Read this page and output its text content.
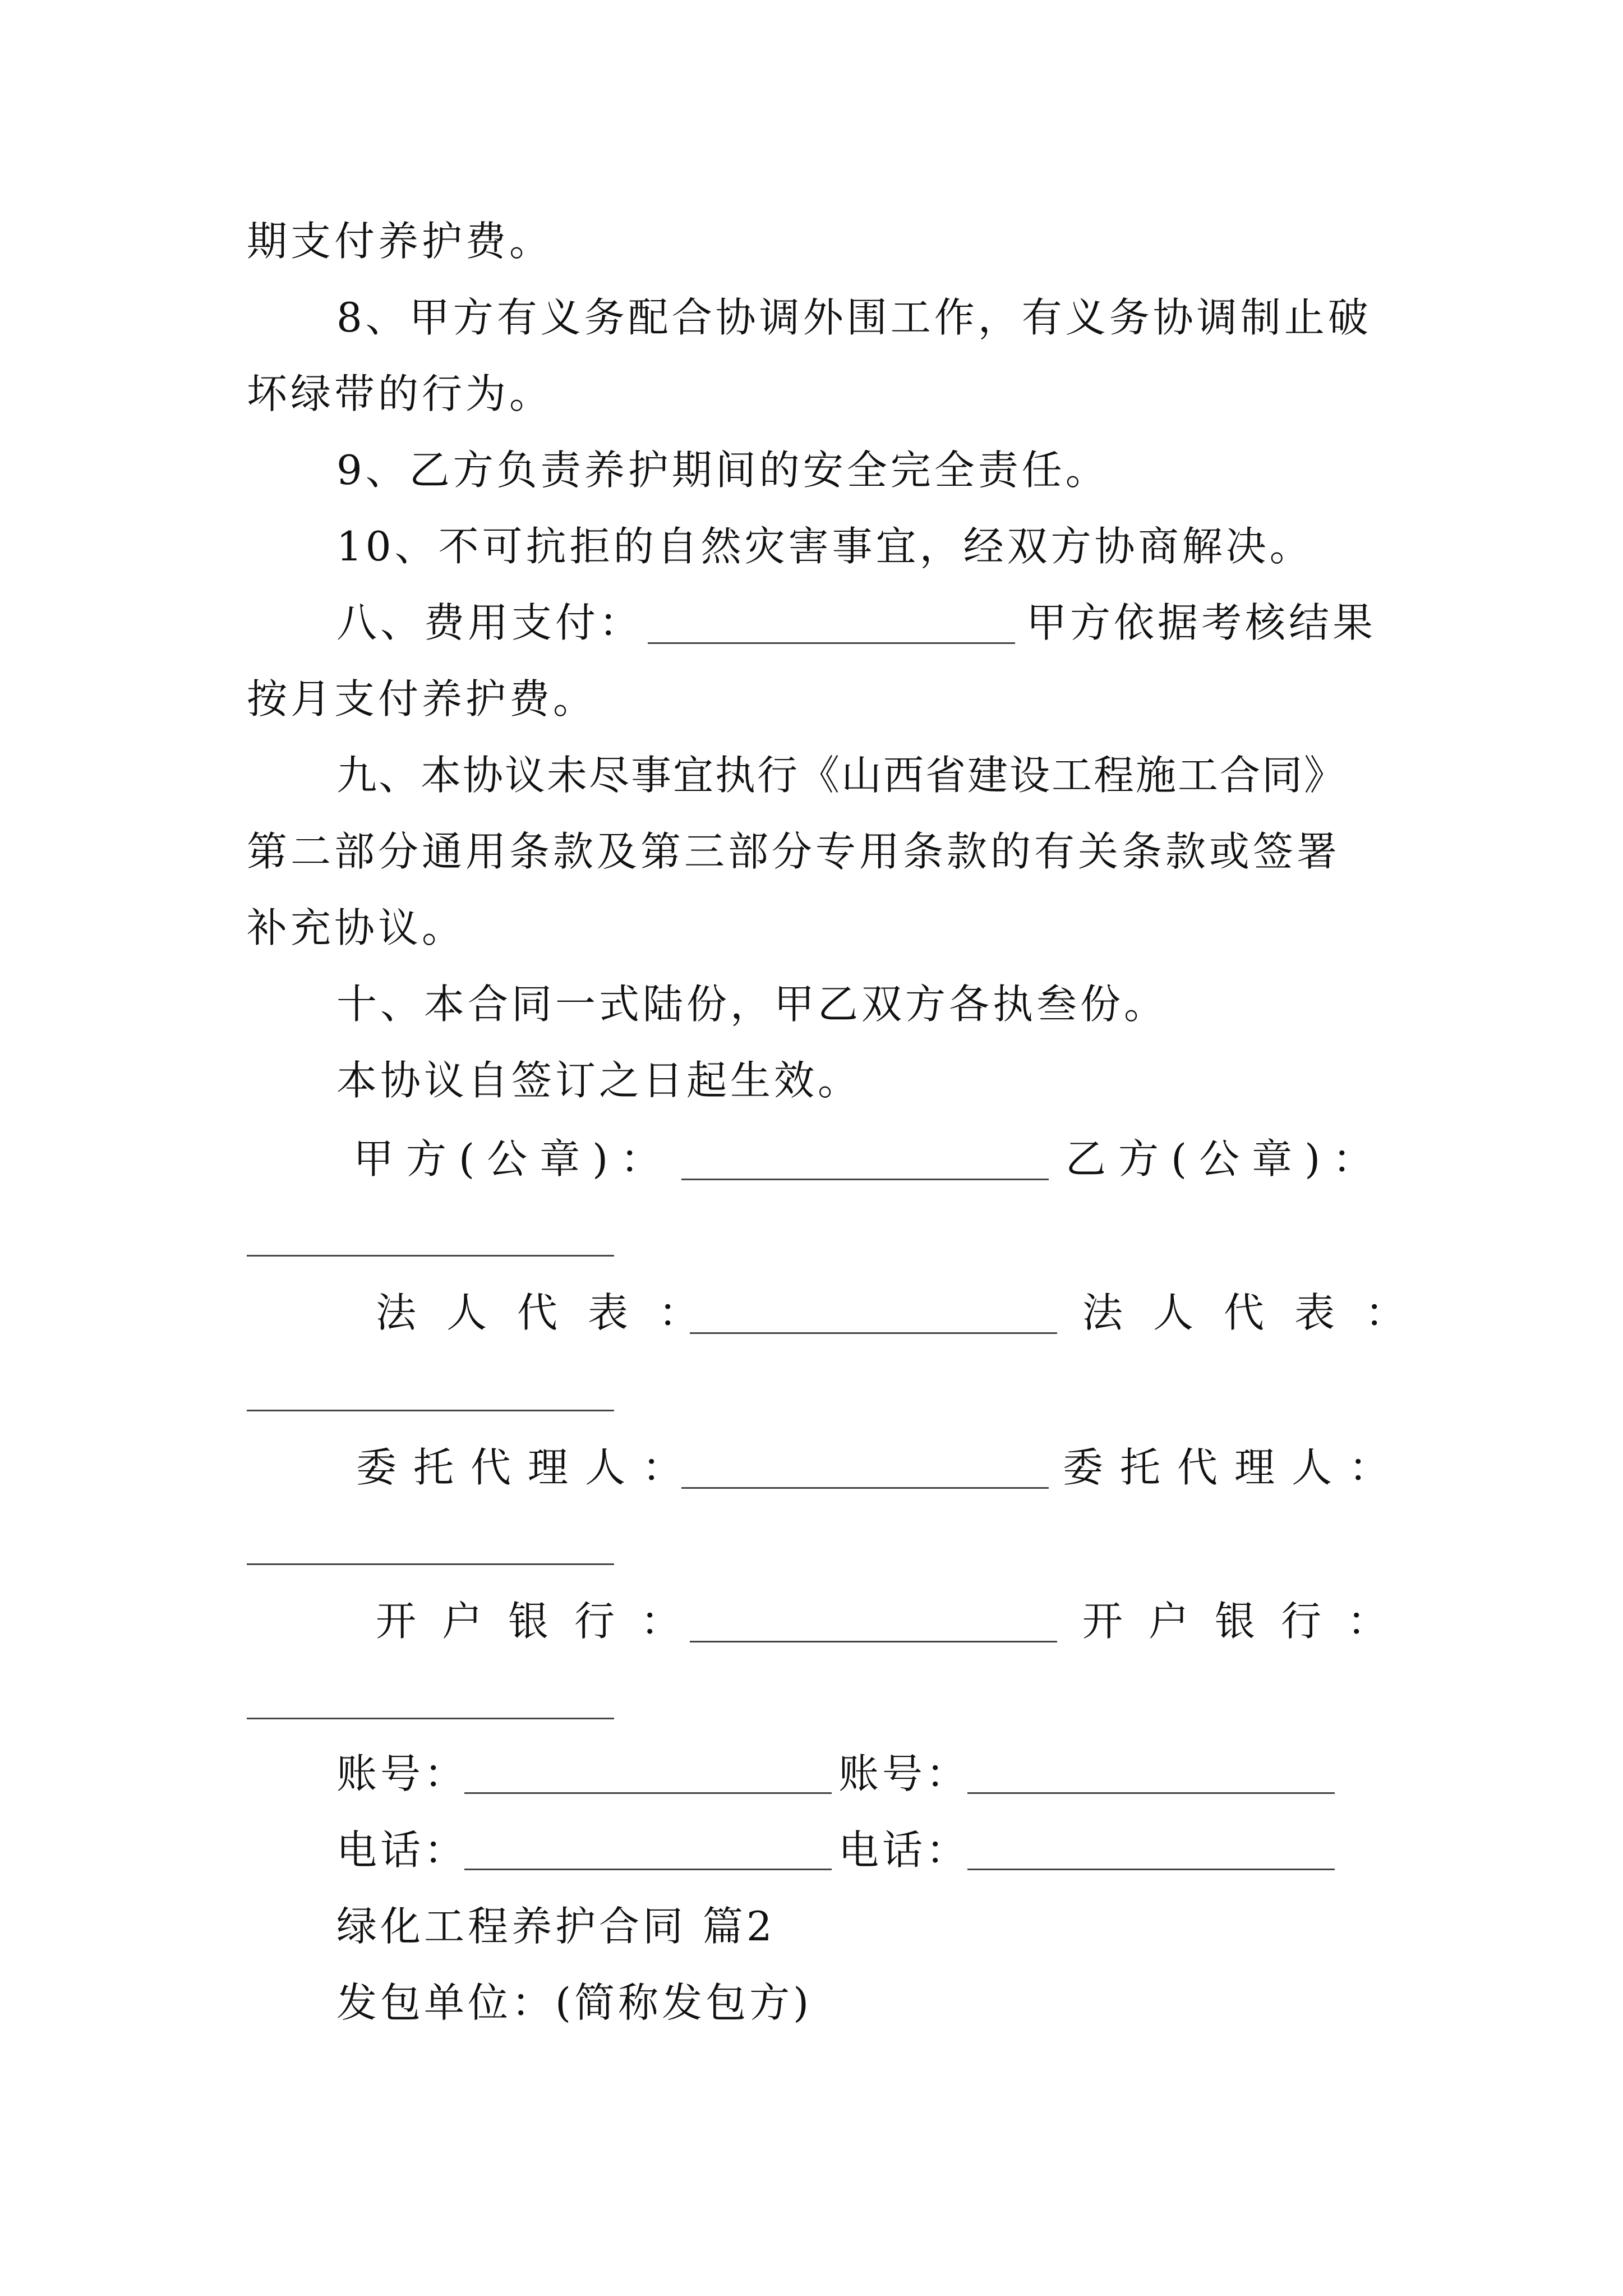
期支付养护费。
8、甲方有义务配合协调外围工作，有义务协调制止破
坏绿带的行为。
9、乙方负责养护期间的安全完全责任。
10、不可抗拒的自然灾害事宜，经双方协商解决。
八、费用支付：	甲方依据考核结果
按月支付养护费。
九、本协议未尽事宜执行《山西省建设工程施工合同》
第二部分通用条款及第三部分专用条款的有关条款或签署
补充协议。
十、本合同一式陆份，甲乙双方各执叁份。
本协议自签订之日起生效。
甲方(公章)：	乙方(公章)：
法人代表：	法人代表：
委托代理人：	委托代理人：
开户银行：	开户银行：
账号：	账号：
电话：	电话：
绿化工程养护合同 篇2
发包单位：(简称发包方)
